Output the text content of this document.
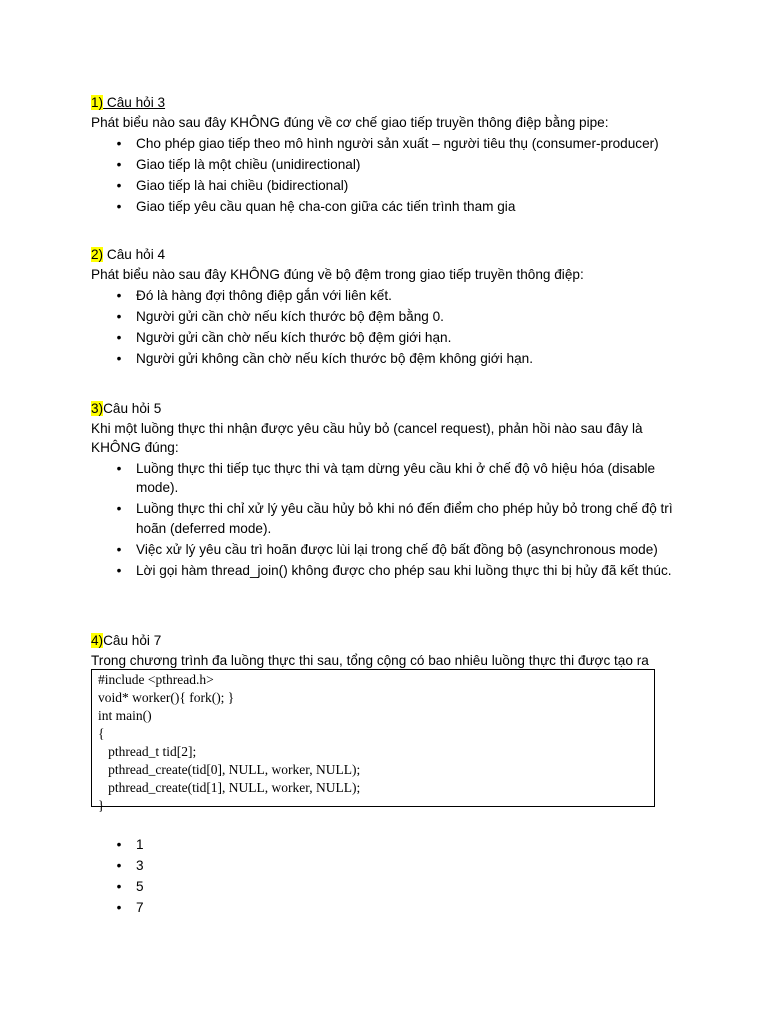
1) Câu hỏi 3
Phát biểu nào sau đây KHÔNG đúng về cơ chế giao tiếp truyền thông điệp bằng pipe:
• Cho phép giao tiếp theo mô hình người sản xuất – người tiêu thụ (consumer-producer)
• Giao tiếp là một chiều (unidirectional)
• Giao tiếp là hai chiều (bidirectional)
• Giao tiếp yêu cầu quan hệ cha-con giữa các tiến trình tham gia
2) Câu hỏi 4
Phát biểu nào sau đây KHÔNG đúng về bộ đệm trong giao tiếp truyền thông điệp:
• Đó là hàng đợi thông điệp gắn với liên kết.
• Người gửi cần chờ nếu kích thước bộ đệm bằng 0.
• Người gửi cần chờ nếu kích thước bộ đệm giới hạn.
• Người gửi không cần chờ nếu kích thước bộ đệm không giới hạn.
3)Câu hỏi 5
Khi một luồng thực thi nhận được yêu cầu hủy bỏ (cancel request), phản hồi nào sau đây là KHÔNG đúng:
• Luồng thực thi tiếp tục thực thi và tạm dừng yêu cầu khi ở chế độ vô hiệu hóa (disable mode).
• Luồng thực thi chỉ xử lý yêu cầu hủy bỏ khi nó đến điểm cho phép hủy bỏ trong chế độ trì hoãn (deferred mode).
• Việc xử lý yêu cầu trì hoãn được lùi lại trong chế độ bất đồng bộ (asynchronous mode)
• Lời gọi hàm thread_join() không được cho phép sau khi luồng thực thi bị hủy đã kết thúc.
4)Câu hỏi 7
Trong chương trình đa luồng thực thi sau, tổng cộng có bao nhiêu luồng thực thi được tạo ra
#include <pthread.h>
void* worker(){ fork(); }
int main()
{
pthread_t tid[2];
pthread_create(tid[0], NULL, worker, NULL);
pthread_create(tid[1], NULL, worker, NULL);
}
• 1
• 3
• 5
• 7
